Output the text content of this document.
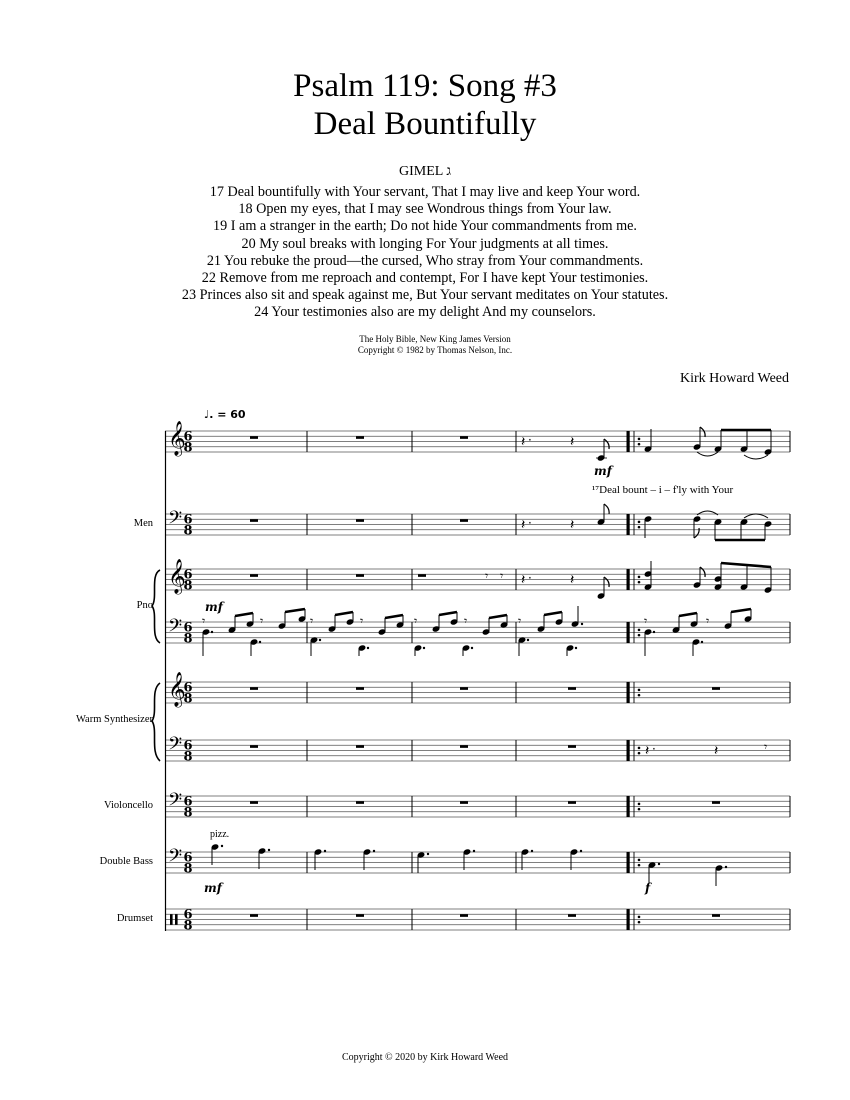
Psalm 119: Song #3
Deal Bountifully
GIMEL ג
17 Deal bountifully with Your servant, That I may live and keep Your word.
18 Open my eyes, that I may see Wondrous things from Your law.
19 I am a stranger in the earth; Do not hide Your commandments from me.
20 My soul breaks with longing For Your judgments at all times.
21 You rebuke the proud—the cursed, Who stray from Your commandments.
22 Remove from me reproach and contempt, For I have kept Your testimonies.
23 Princes also sit and speak against me, But Your servant meditates on Your statutes.
24 Your testimonies also are my delight And my counselors.
The Holy Bible, New King James Version
Copyright © 1982 by Thomas Nelson, Inc.
Kirk Howard Weed
Men
Pno
Warm Synthesizer
Violoncello
Double Bass
Drumset
♩. = 60
𝄞
6
8
𝄢 6
8
𝄞
6
8
𝄢 6
8
𝄞
6
8
𝄢 6
8
𝄢 6
8
𝄢 6
8
6
8
𝄽 ·	𝄽
𝄽 ·	𝄽
𝄽 ·	𝄽
𝄾 𝄾
𝄽 ·	𝄽	𝄾
𝄾	𝄾	𝄾	𝄾	𝄾	𝄾	𝄾	𝄾	𝄾
mf
mf
mf	f
pizz.
¹⁷Deal bount – i – f'ly with Your
Copyright © 2020 by Kirk Howard Weed
